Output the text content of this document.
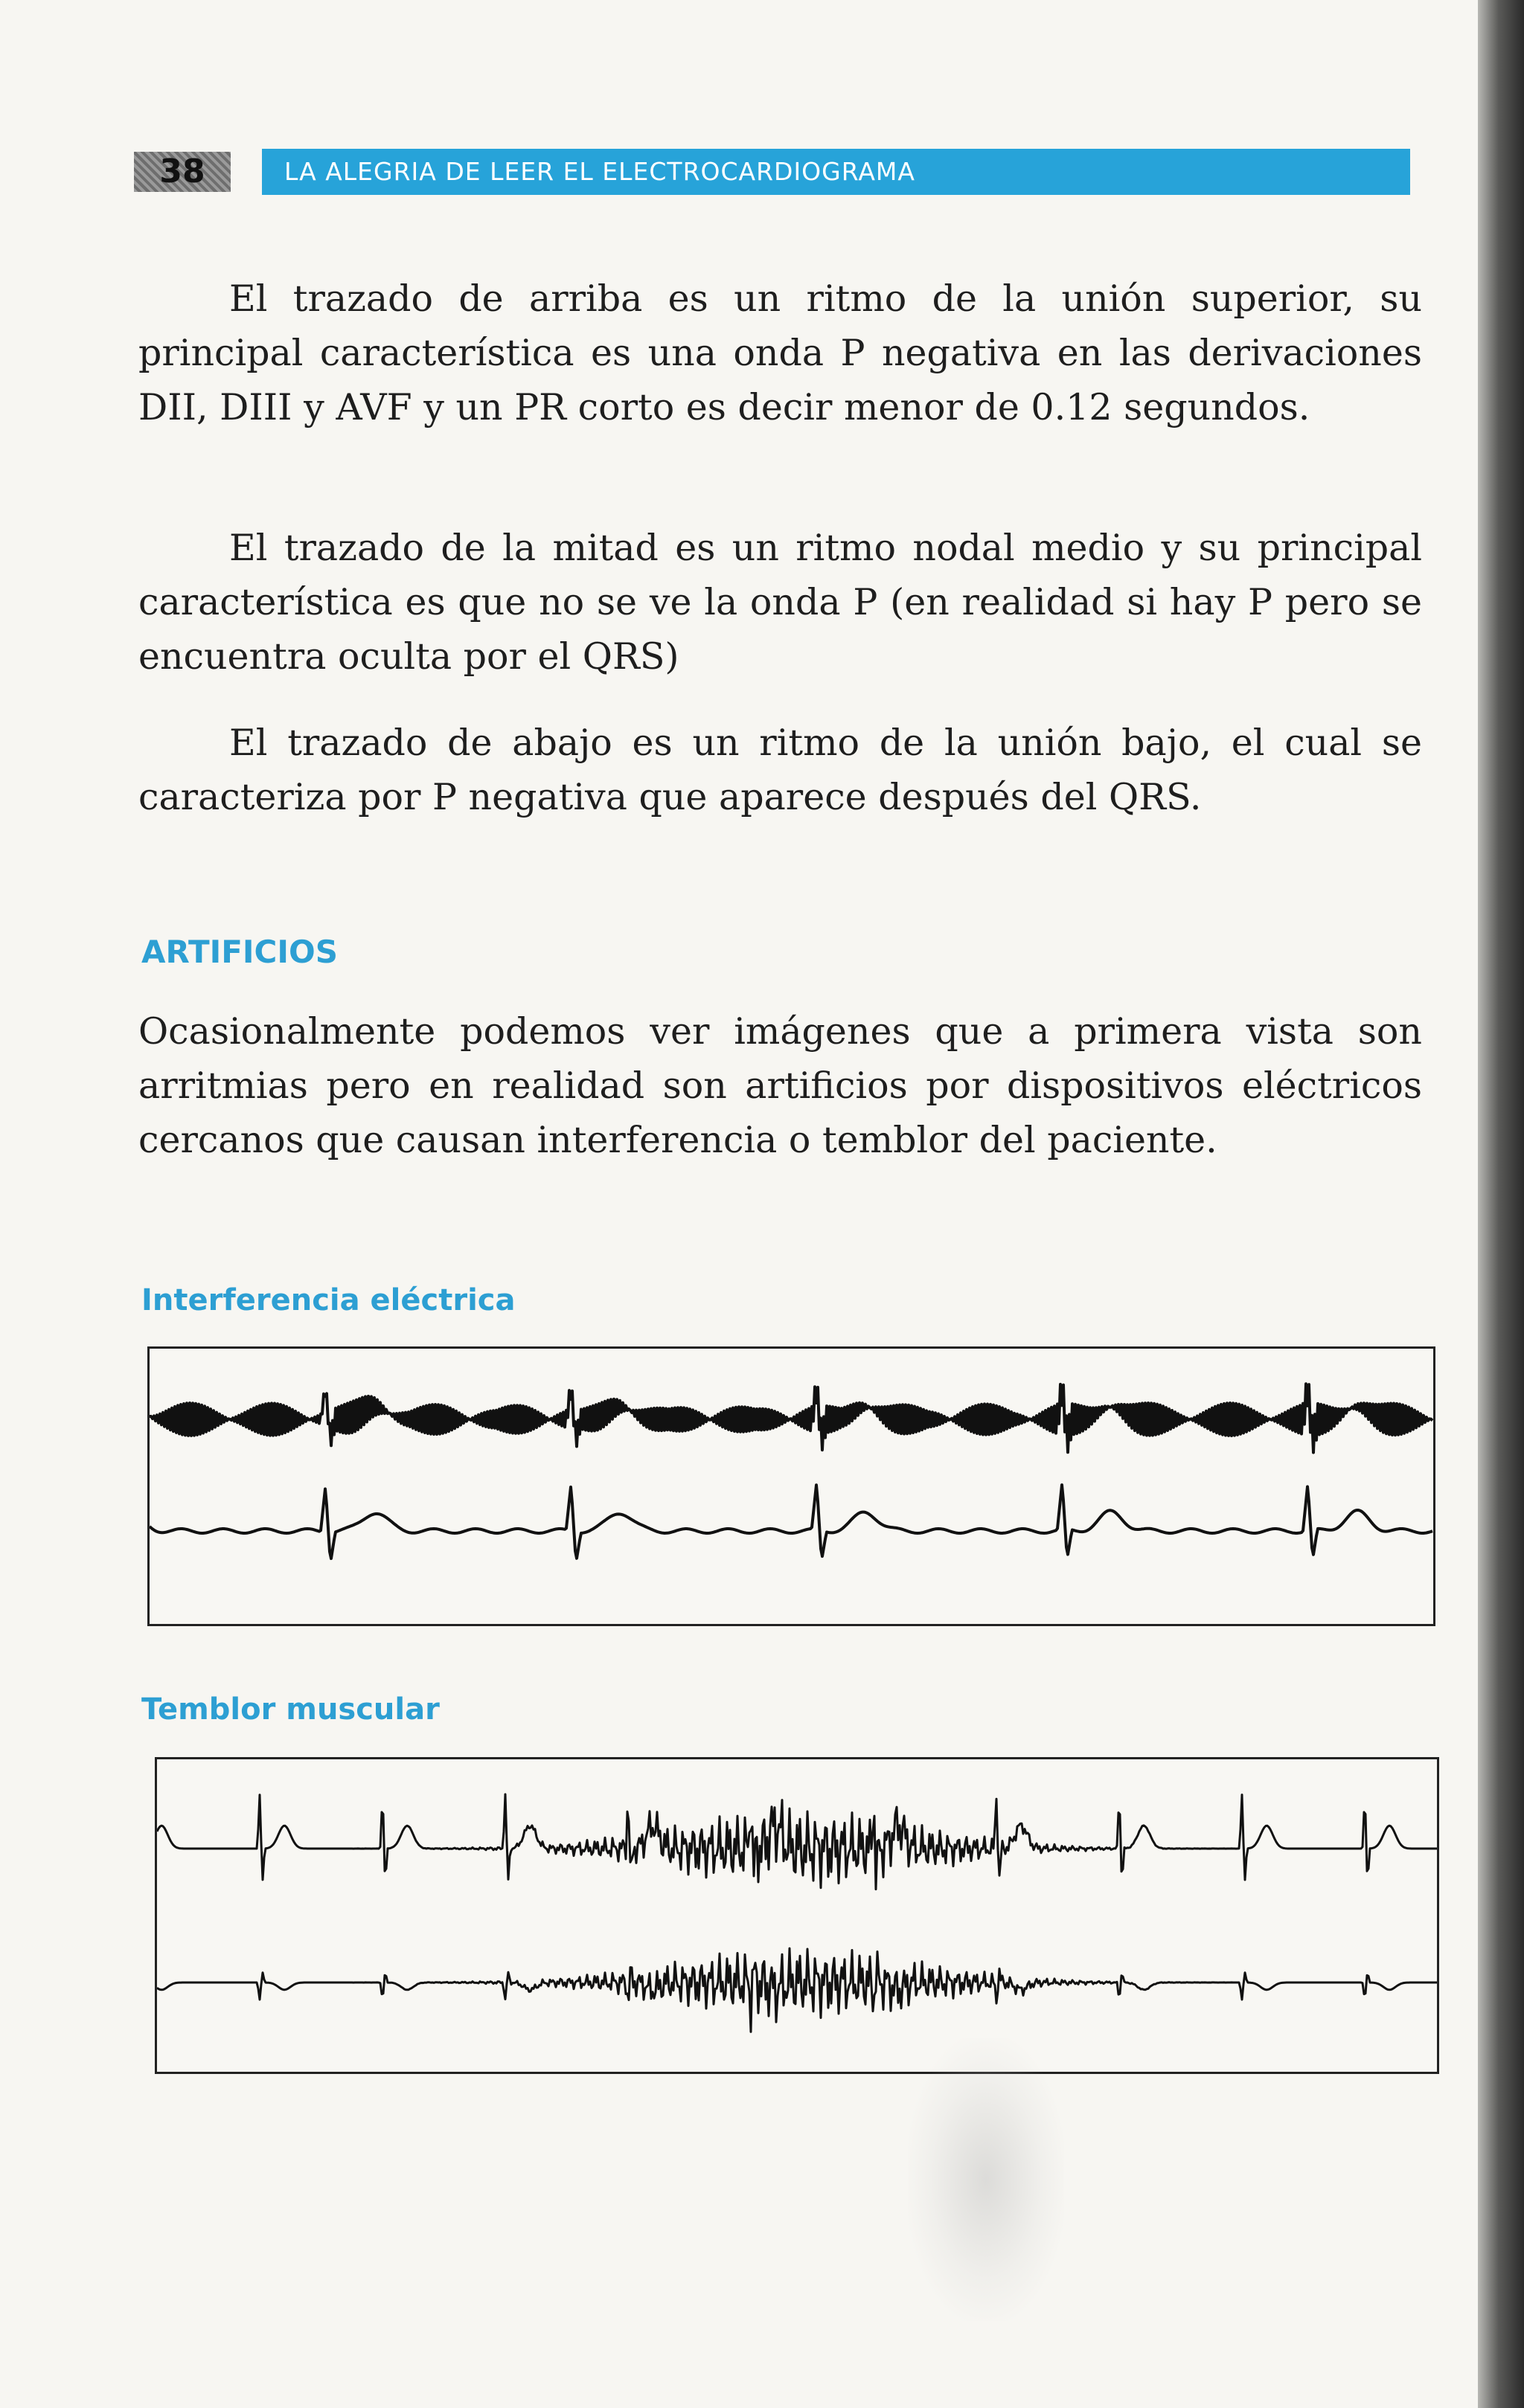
38	LA ALEGRIA DE LEER EL ELECTROCARDIOGRAMA

El trazado de arriba es un ritmo de la unión superior, su principal característica es una onda P negativa en las derivaciones DII, DIII y AVF y un PR corto es decir menor de 0.12 segundos.

El trazado de la mitad es un ritmo nodal medio y su principal característica es que no se ve la onda P (en realidad si hay P pero se encuentra oculta por el QRS)

El trazado de abajo es un ritmo de la unión bajo, el cual se caracteriza por P negativa que aparece después del QRS.

ARTIFICIOS

Ocasionalmente podemos ver imágenes que a primera vista son arritmias pero en realidad son artificios por dispositivos eléctricos cercanos que causan interferencia o temblor del paciente.

Interferencia eléctrica
Temblor muscular
